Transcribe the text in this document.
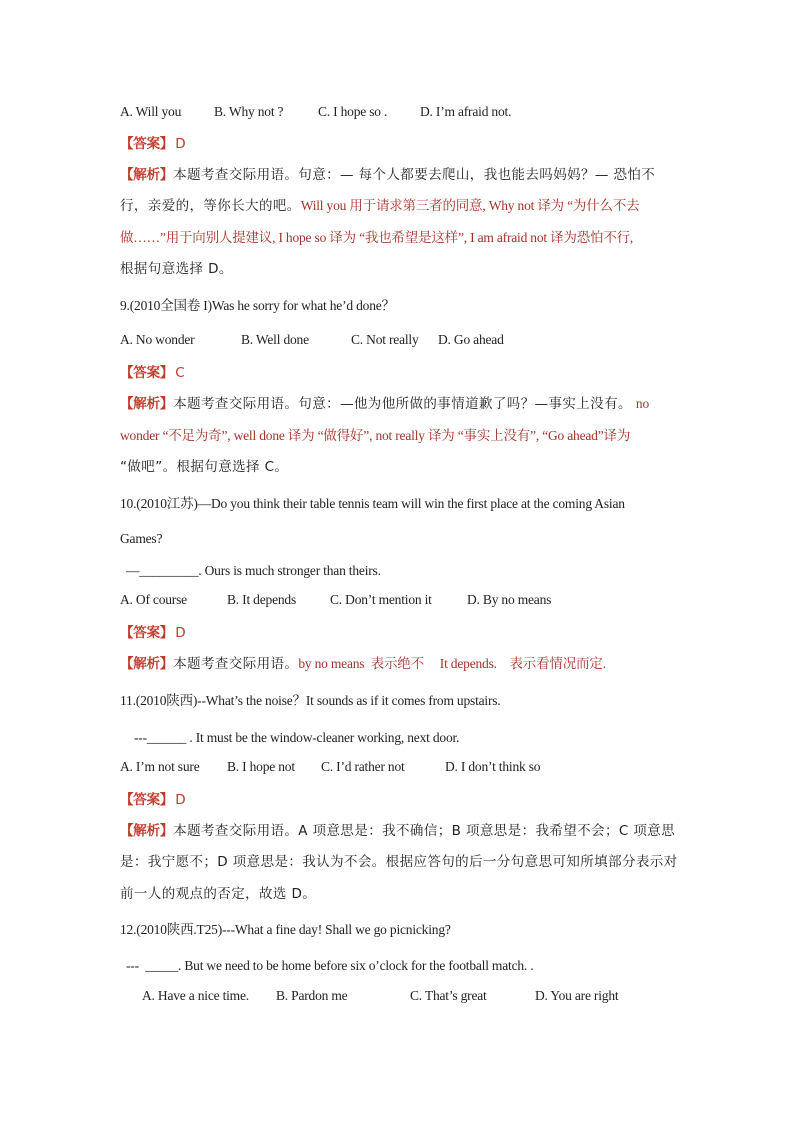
A. Will you B. Why not ?	C. I hope so . D. I’m afraid not.
【答案】 D
【解析】本题考查交际用语。句意：— 每个人都要去爬山，我也能去吗妈妈？— 恐怕不
行，亲爱的，等你长大的吧。Will you 用于请求第三者的同意, Why not 译为 “为什么不去
做……”用于向别人提建议, I hope so 译为 “我也希望是这样”, I am afraid not 译为恐怕不行,
根据句意选择 D。
9.(2010全国卷 I)Was he sorry for what he’d done？
A. No wonder	B. Well done	C. Not really D. Go ahead
【答案】 C
【解析】本题考查交际用语。句意：—他为他所做的事情道歉了吗？—事实上没有。 no
wonder “不足为奇”, well done 译为 “做得好”, not really 译为 “事实上没有”, “Go ahead”译为
“做吧”。根据句意选择 C。
10.(2010江苏)—Do you think their table tennis team will win the first place at the coming Asian
Games?
—_________. Ours is much stronger than theirs.
A. Of course	B. It depends	C. Don’t mention it	D. By no means
【答案】 D
【解析】本题考查交际用语。by no means  表示绝不     It depends.    表示看情况而定.
11.(2010陕西)--What’s the noise？It sounds as if it comes from upstairs.
---______ . It must be the window-cleaner working, next door.
A. I’m not sure B. I hope not C. I’d rather not	D. I don’t think so
【答案】 D
【解析】本题考查交际用语。A 项意思是：我不确信；B 项意思是：我希望不会；C 项意思
是：我宁愿不；D 项意思是：我认为不会。根据应答句的后一分句意思可知所填部分表示对
前一人的观点的否定，故选 D。
12.(2010陕西.T25)---What a fine day! Shall we go picnicking?
---  _____. But we need to be home before six o’clock for the football match. .
A. Have a nice time. B. Pardon me	C. That’s great	D. You are right
